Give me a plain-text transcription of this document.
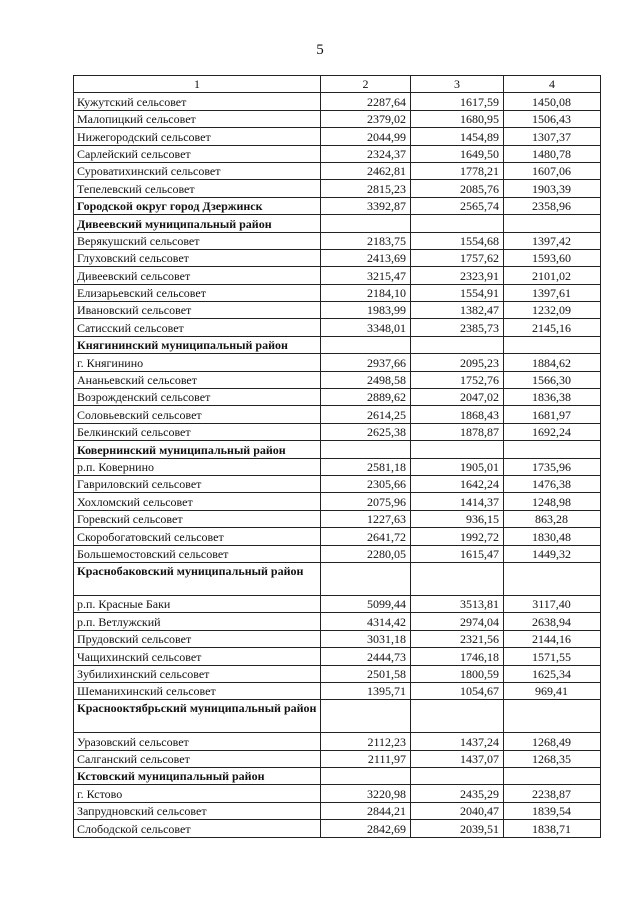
5
1	2	3	4
Кужутский сельсовет	2287,64	1617,59	1450,08
Малопицкий сельсовет	2379,02	1680,95	1506,43
Нижегородский сельсовет	2044,99	1454,89	1307,37
Сарлейский сельсовет	2324,37	1649,50	1480,78
Суроватихинский сельсовет	2462,81	1778,21	1607,06
Тепелевский сельсовет	2815,23	2085,76	1903,39
Городской округ город Дзержинск	3392,87	2565,74	2358,96
Дивеевский муниципальный район			
Верякушский сельсовет	2183,75	1554,68	1397,42
Глуховский сельсовет	2413,69	1757,62	1593,60
Дивеевский сельсовет	3215,47	2323,91	2101,02
Елизарьевский сельсовет	2184,10	1554,91	1397,61
Ивановский сельсовет	1983,99	1382,47	1232,09
Сатисский сельсовет	3348,01	2385,73	2145,16
Княгининский муниципальный район			
г. Княгинино	2937,66	2095,23	1884,62
Ананьевский сельсовет	2498,58	1752,76	1566,30
Возрожденский сельсовет	2889,62	2047,02	1836,38
Соловьевский сельсовет	2614,25	1868,43	1681,97
Белкинский сельсовет	2625,38	1878,87	1692,24
Ковернинский муниципальный район			
р.п. Ковернино	2581,18	1905,01	1735,96
Гавриловский сельсовет	2305,66	1642,24	1476,38
Хохломский сельсовет	2075,96	1414,37	1248,98
Горевский сельсовет	1227,63	936,15	863,28
Скоробогатовский сельсовет	2641,72	1992,72	1830,48
Большемостовский сельсовет	2280,05	1615,47	1449,32
Краснобаковский муниципальный район			
р.п. Красные Баки	5099,44	3513,81	3117,40
р.п. Ветлужский	4314,42	2974,04	2638,94
Прудовский сельсовет	3031,18	2321,56	2144,16
Чащихинский сельсовет	2444,73	1746,18	1571,55
Зубилихинский сельсовет	2501,58	1800,59	1625,34
Шеманихинский сельсовет	1395,71	1054,67	969,41
Краснооктябрьский муниципальный район			
Уразовский сельсовет	2112,23	1437,24	1268,49
Салганский сельсовет	2111,97	1437,07	1268,35
Кстовский муниципальный район			
г. Кстово	3220,98	2435,29	2238,87
Запрудновский сельсовет	2844,21	2040,47	1839,54
Слободской сельсовет	2842,69	2039,51	1838,71
